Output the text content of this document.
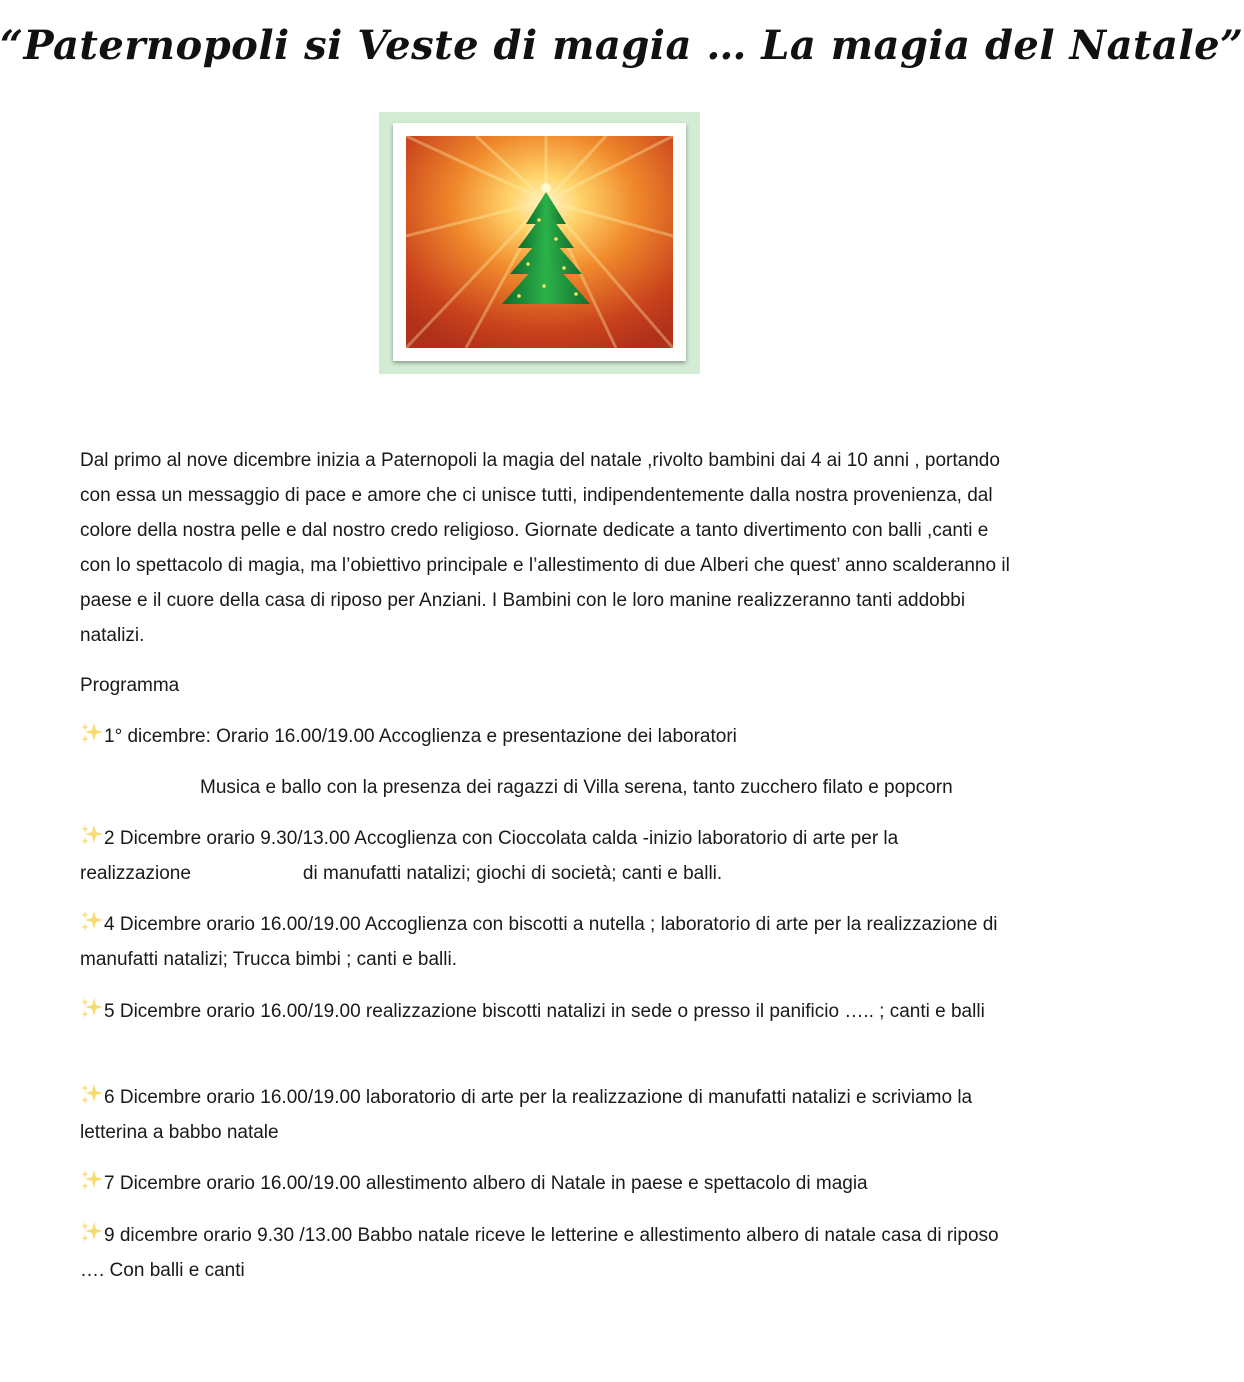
“Paternopoli si Veste di magia … La magia del Natale”
Dal primo al nove dicembre inizia a Paternopoli la magia del natale ,rivolto bambini dai 4 ai 10 anni , portando con essa un messaggio di pace e amore che ci unisce tutti, indipendentemente dalla nostra provenienza, dal colore della nostra pelle e dal nostro credo religioso. Giornate dedicate a tanto divertimento con balli ,canti e con lo spettacolo di magia, ma l’obiettivo principale e l’allestimento di due Alberi che quest’ anno scalderanno il paese e il cuore della casa di riposo per Anziani. I Bambini con le loro manine realizzeranno tanti addobbi natalizi.
Programma
1° dicembre: Orario 16.00/19.00 Accoglienza e presentazione dei laboratori
Musica e ballo con la presenza dei ragazzi di Villa serena, tanto zucchero filato e popcorn
2 Dicembre orario 9.30/13.00 Accoglienza con Cioccolata calda -inizio laboratorio di arte per la realizzazione	di manufatti natalizi; giochi di società; canti e balli.
4 Dicembre orario 16.00/19.00 Accoglienza con biscotti a nutella ; laboratorio di arte per la realizzazione di manufatti natalizi; Trucca bimbi ; canti e balli.
5 Dicembre orario 16.00/19.00 realizzazione biscotti natalizi in sede o presso il panificio ….. ; canti e balli
6 Dicembre orario 16.00/19.00 laboratorio di arte per la realizzazione di manufatti natalizi e scriviamo la letterina a babbo natale
7 Dicembre orario 16.00/19.00 allestimento albero di Natale in paese e spettacolo di magia
9 dicembre orario 9.30 /13.00 Babbo natale riceve le letterine e allestimento albero di natale casa di riposo …. Con balli e canti
